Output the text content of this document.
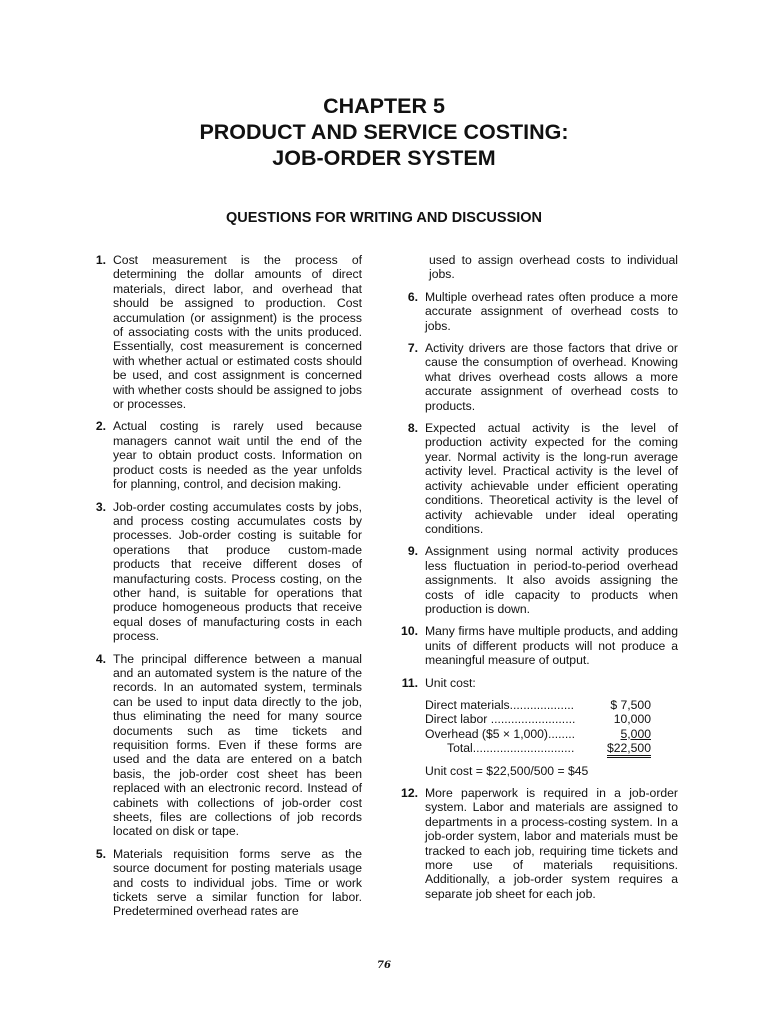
CHAPTER 5
PRODUCT AND SERVICE COSTING:
JOB-ORDER SYSTEM
QUESTIONS FOR WRITING AND DISCUSSION
1. Cost measurement is the process of determining the dollar amounts of direct materials, direct labor, and overhead that should be assigned to production. Cost accumulation (or assignment) is the process of associating costs with the units produced. Essentially, cost measurement is concerned with whether actual or estimated costs should be used, and cost assignment is concerned with whether costs should be assigned to jobs or processes.
2. Actual costing is rarely used because managers cannot wait until the end of the year to obtain product costs. Information on product costs is needed as the year unfolds for planning, control, and decision making.
3. Job-order costing accumulates costs by jobs, and process costing accumulates costs by processes. Job-order costing is suitable for operations that produce custom-made products that receive different doses of manufacturing costs. Process costing, on the other hand, is suitable for operations that produce homogeneous products that receive equal doses of manufacturing costs in each process.
4. The principal difference between a manual and an automated system is the nature of the records. In an automated system, terminals can be used to input data directly to the job, thus eliminating the need for many source documents such as time tickets and requisition forms. Even if these forms are used and the data are entered on a batch basis, the job-order cost sheet has been replaced with an electronic record. Instead of cabinets with collections of job-order cost sheets, files are collections of job records located on disk or tape.
5. Materials requisition forms serve as the source document for posting materials usage and costs to individual jobs. Time or work tickets serve a similar function for labor. Predetermined overhead rates are
used to assign overhead costs to individual jobs.
6. Multiple overhead rates often produce a more accurate assignment of overhead costs to jobs.
7. Activity drivers are those factors that drive or cause the consumption of overhead. Knowing what drives overhead costs allows a more accurate assignment of overhead costs to products.
8. Expected actual activity is the level of production activity expected for the coming year. Normal activity is the long-run average activity level. Practical activity is the level of activity achievable under efficient operating conditions. Theoretical activity is the level of activity achievable under ideal operating conditions.
9. Assignment using normal activity produces less fluctuation in period-to-period overhead assignments. It also avoids assigning the costs of idle capacity to products when production is down.
10. Many firms have multiple products, and adding units of different products will not produce a meaningful measure of output.
11. Unit cost:
Direct materials...................	$ 7,500
Direct labor .........................	10,000
Overhead ($5 × 1,000)........	5,000
Total..............................	$22,500
Unit cost = $22,500/500 = $45
12. More paperwork is required in a job-order system. Labor and materials are assigned to departments in a process-costing system. In a job-order system, labor and materials must be tracked to each job, requiring time tickets and more use of materials requisitions. Additionally, a job-order system requires a separate job sheet for each job.
76
